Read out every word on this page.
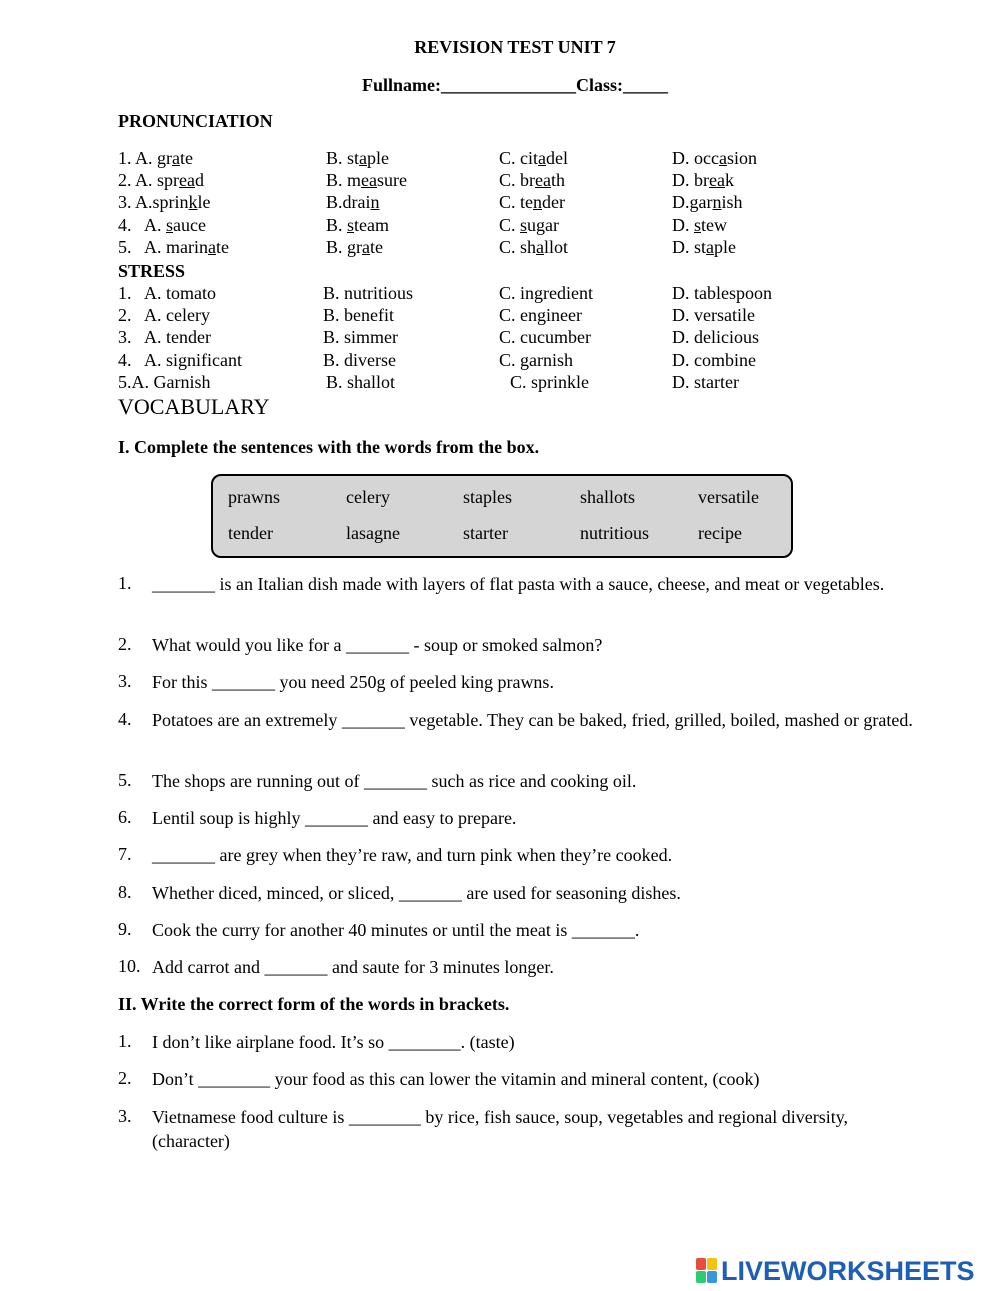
REVISION TEST UNIT 7
Fullname:_______________Class:_____
PRONUNCIATION
1. A. grate	B. staple	C. citadel	D. occasion
2. A. spread	B. measure	C. breath	D. break
3. A.sprinkle	B.drain	C. tender	D.garnish
4.   A. sauce	B. steam	C. sugar	D. stew
5.   A. marinate	B. grate	C. shallot	D. staple
STRESS
1.   A. tomato	B. nutritious	C. ingredient	D. tablespoon
2.   A. celery	B. benefit	C. engineer	D. versatile
3.   A. tender	B. simmer	C. cucumber	D. delicious
4.   A. significant	B. diverse	C. garnish	D. combine
5.A. Garnish	B. shallot	C. sprinkle	D. starter
VOCABULARY
I. Complete the sentences with the words from the box.
prawns	celery	staples	shallots	versatile
tender	lasagne	starter	nutritious	recipe
1. _______ is an Italian dish made with layers of flat pasta with a sauce, cheese, and meat or vegetables.
2. What would you like for a _______ - soup or smoked salmon?
3. For this _______ you need 250g of peeled king prawns.
4. Potatoes are an extremely _______ vegetable. They can be baked, fried, grilled, boiled, mashed or grated.
5. The shops are running out of _______ such as rice and cooking oil.
6. Lentil soup is highly _______ and easy to prepare.
7. _______ are grey when they’re raw, and turn pink when they’re cooked.
8. Whether diced, minced, or sliced, _______ are used for seasoning dishes.
9. Cook the curry for another 40 minutes or until the meat is _______.
10. Add carrot and _______ and saute for 3 minutes longer.
II. Write the correct form of the words in brackets.
1. I don’t like airplane food. It’s so ________. (taste)
2. Don’t ________ your food as this can lower the vitamin and mineral content, (cook)
3. Vietnamese food culture is ________ by rice, fish sauce, soup, vegetables and regional diversity, (character)
LIVEWORKSHEETS
